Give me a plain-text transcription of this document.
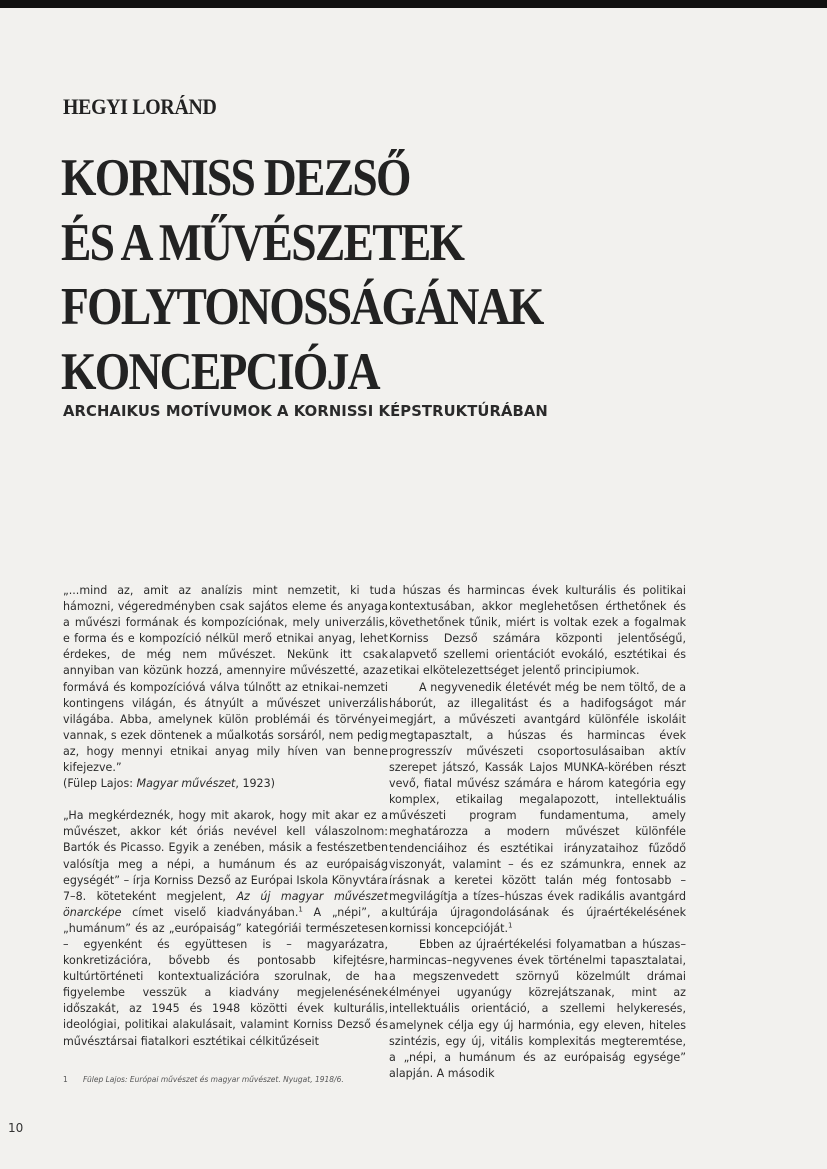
HEGYI LORÁND
KORNISS DEZSŐ
ÉS A MŰVÉSZETEK
FOLYTONOSSÁGÁNAK
KONCEPCIÓJA
ARCHAIKUS MOTÍVUMOK A KORNISSI KÉPSTRUKTÚRÁBAN

„...mind az, amit az analízis mint nemzetit, ki tud hámozni, végeredményben csak sajátos eleme és anyaga a művészi formának és kompozíciónak, mely univerzális, e forma és e kompozíció nélkül merő etnikai anyag, lehet érdekes, de még nem művészet. Nekünk itt csak annyiban van közünk hozzá, amennyire művészetté, azaz formává és kompozícióvá válva túlnőtt az etnikai-nemzeti kontingens világán, és átnyúlt a művészet univerzális világába. Abba, amelynek külön problémái és törvényei vannak, s ezek döntenek a műalkotás sorsáról, nem pedig az, hogy mennyi etnikai anyag mily híven van benne kifejezve.”
(Fülep Lajos: Magyar művészet, 1923)

„Ha megkérdeznék, hogy mit akarok, hogy mit akar ez a művészet, akkor két óriás nevével kell válaszolnom: Bartók és Picasso. Egyik a zenében, másik a festészetben valósítja meg a népi, a humánum és az európaiság egységét” – írja Korniss Dezső az Európai Iskola Könyvtára 7–8. köteteként megjelent, Az új magyar művészet önarcképe címet viselő kiadványában.$^1$ A „népi”, a „humánum” és az „európaiság” kategóriái természetesen – egyenként és együttesen is – magyarázatra, konkretizációra, bővebb és pontosabb kifejtésre, kultúrtörténeti kontextualizációra szorulnak, de ha figyelembe vesszük a kiadvány megjelenésének időszakát, az 1945 és 1948 közötti évek kulturális, ideológiai, politikai alakulásait, valamint Korniss Dezső és művésztársai fiatalkori esztétikai célkitűzéseit

a húszas és harmincas évek kulturális és politikai kontextusában, akkor meglehetősen érthetőnek és követhetőnek tűnik, miért is voltak ezek a fogalmak Korniss Dezső számára központi jelentőségű, alapvető szellemi orientációt evokáló, esztétikai és etikai elkötelezettséget jelentő principiumok.

A negyvenedik életévét még be nem töltő, de a háborút, az illegalitást és a hadifogságot már megjárt, a művészeti avantgárd különféle iskoláit megtapasztalt, a húszas és harmincas évek progresszív művészeti csoportosulásaiban aktív szerepet játszó, Kassák Lajos MUNKA-körében részt vevő, fiatal művész számára e három kategória egy komplex, etikailag megalapozott, intellektuális művészeti program fundamentuma, amely meghatározza a modern művészet különféle tendenciáihoz és esztétikai irányzataihoz fűződő viszonyát, valamint – és ez számunkra, ennek az írásnak a keretei között talán még fontosabb – megvilágítja a tízes–húszas évek radikális avantgárd kultúrája újragondolásának és újraértékelésének kornissi koncepcióját.$^1$

Ebben az újraértékelési folyamatban a húszas–harmincas–negyvenes évek történelmi tapasztalatai, a megszenvedett szörnyű közelmúlt drámai élményei ugyanúgy közrejátszanak, mint az intellektuális orientáció, a szellemi helykeresés, amelynek célja egy új harmónia, egy eleven, hiteles szintézis, egy új, vitális komplexitás megteremtése, a „népi, a humánum és az európaiság egysége” alapján. A második

1 Fülep Lajos: Európai művészet és magyar művészet. Nyugat, 1918/6.
10
